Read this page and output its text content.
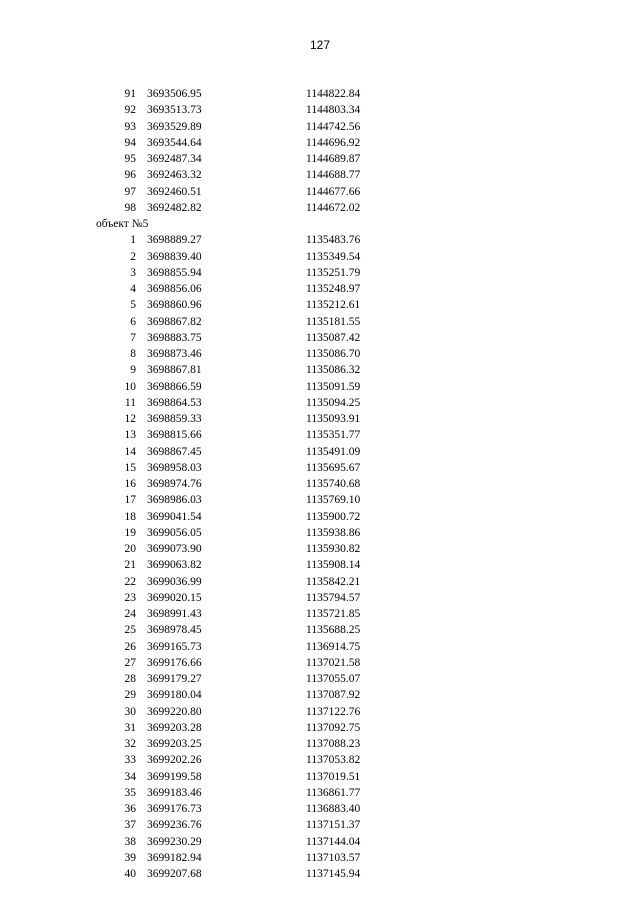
127
91 3693506.95	1144822.84
92 3693513.73	1144803.34
93 3693529.89	1144742.56
94 3693544.64	1144696.92
95 3692487.34	1144689.87
96 3692463.32	1144688.77
97 3692460.51	1144677.66
98 3692482.82	1144672.02
объект №5
1 3698889.27	1135483.76
2 3698839.40	1135349.54
3 3698855.94	1135251.79
4 3698856.06	1135248.97
5 3698860.96	1135212.61
6 3698867.82	1135181.55
7 3698883.75	1135087.42
8 3698873.46	1135086.70
9 3698867.81	1135086.32
10 3698866.59	1135091.59
11 3698864.53	1135094.25
12 3698859.33	1135093.91
13 3698815.66	1135351.77
14 3698867.45	1135491.09
15 3698958.03	1135695.67
16 3698974.76	1135740.68
17 3698986.03	1135769.10
18 3699041.54	1135900.72
19 3699056.05	1135938.86
20 3699073.90	1135930.82
21 3699063.82	1135908.14
22 3699036.99	1135842.21
23 3699020.15	1135794.57
24 3698991.43	1135721.85
25 3698978.45	1135688.25
26 3699165.73	1136914.75
27 3699176.66	1137021.58
28 3699179.27	1137055.07
29 3699180.04	1137087.92
30 3699220.80	1137122.76
31 3699203.28	1137092.75
32 3699203.25	1137088.23
33 3699202.26	1137053.82
34 3699199.58	1137019.51
35 3699183.46	1136861.77
36 3699176.73	1136883.40
37 3699236.76	1137151.37
38 3699230.29	1137144.04
39 3699182.94	1137103.57
40 3699207.68	1137145.94
